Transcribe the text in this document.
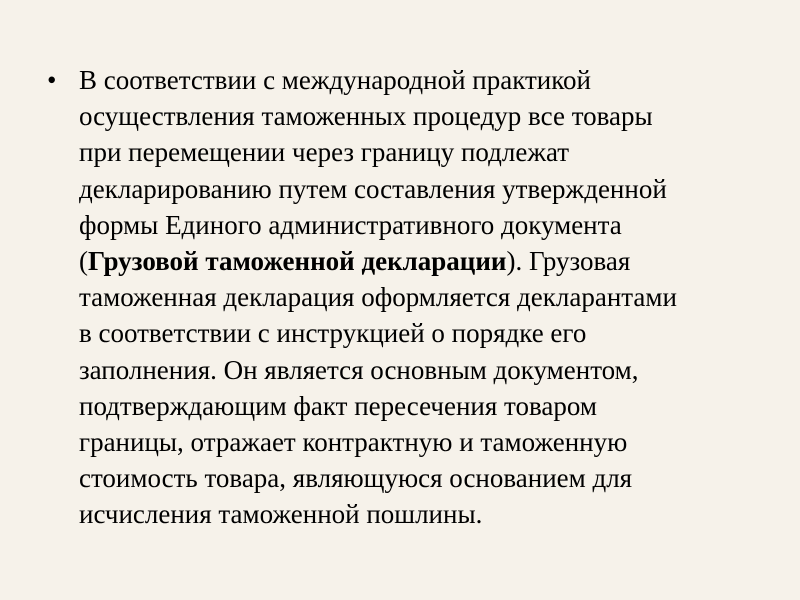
• В соответствии с международной практикой
осуществления таможенных процедур все товары
при перемещении через границу подлежат
декларированию путем составления утвержденной
формы Единого административного документа
(Грузовой таможенной декларации). Грузовая
таможенная декларация оформляется декларантами
в соответствии с инструкцией о порядке его
заполнения. Он является основным документом,
подтверждающим факт пересечения товаром
границы, отражает контрактную и таможенную
стоимость товара, являющуюся основанием для
исчисления таможенной пошлины.
